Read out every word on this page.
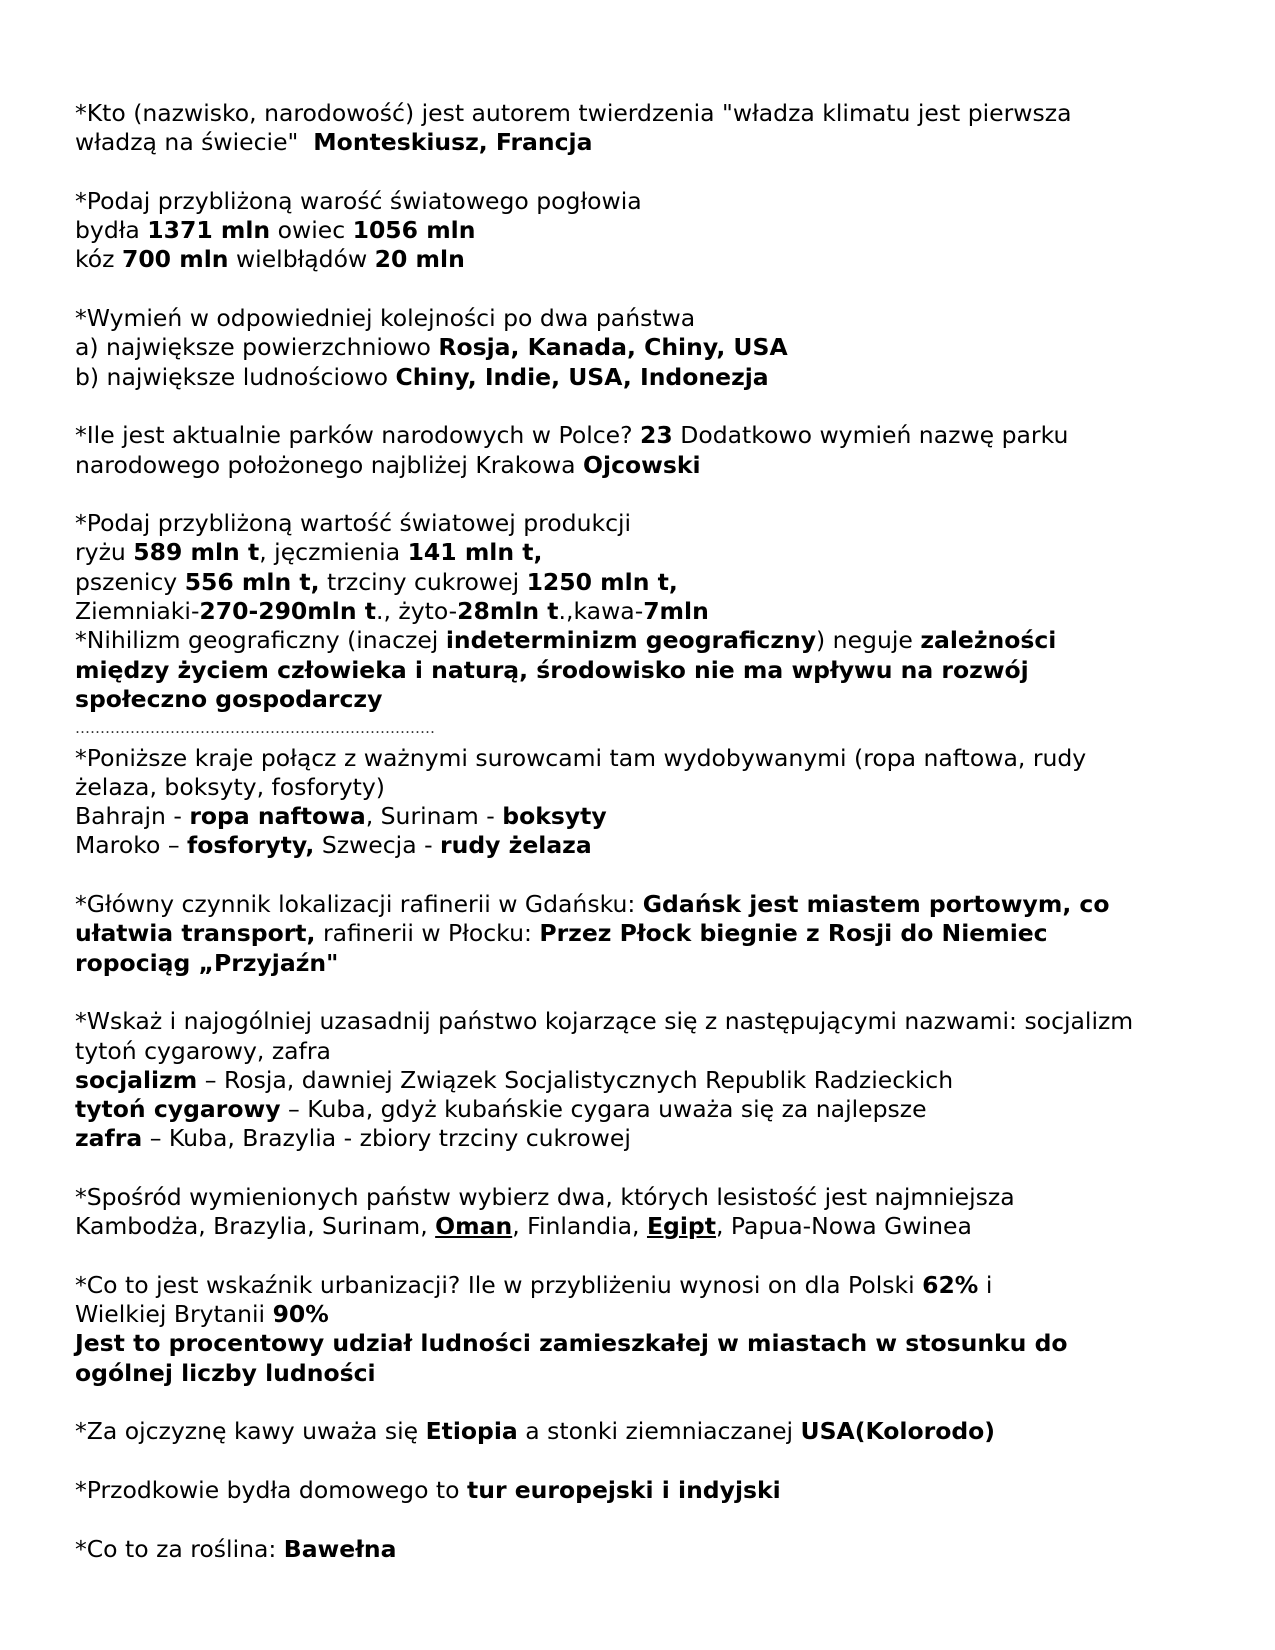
*Kto (nazwisko, narodowość) jest autorem twierdzenia "władza klimatu jest pierwsza
władzą na świecie"  Monteskiusz, Francja
*Podaj przybliżoną warość światowego pogłowia
bydła 1371 mln owiec 1056 mln
kóz 700 mln wielbłądów 20 mln
*Wymień w odpowiedniej kolejności po dwa państwa
a) największe powierzchniowo Rosja, Kanada, Chiny, USA
b) największe ludnościowo Chiny, Indie, USA, Indonezja
*Ile jest aktualnie parków narodowych w Polce? 23 Dodatkowo wymień nazwę parku
narodowego położonego najbliżej Krakowa Ojcowski
*Podaj przybliżoną wartość światowej produkcji
ryżu 589 mln t, jęczmienia 141 mln t,
pszenicy 556 mln t, trzciny cukrowej 1250 mln t,
Ziemniaki-270-290mln t., żyto-28mln t.,kawa-7mln
*Nihilizm geograficzny (inaczej indeterminizm geograficzny) neguje zależności
między życiem człowieka i naturą, środowisko nie ma wpływu na rozwój
społeczno gospodarczy
………………………………………………………………
*Poniższe kraje połącz z ważnymi surowcami tam wydobywanymi (ropa naftowa, rudy
żelaza, boksyty, fosforyty)
Bahrajn - ropa naftowa, Surinam - boksyty
Maroko – fosforyty, Szwecja - rudy żelaza
*Główny czynnik lokalizacji rafinerii w Gdańsku: Gdańsk jest miastem portowym, co
ułatwia transport, rafinerii w Płocku: Przez Płock biegnie z Rosji do Niemiec
ropociąg „Przyjaźn"
*Wskaż i najogólniej uzasadnij państwo kojarzące się z następującymi nazwami: socjalizm
tytoń cygarowy, zafra
socjalizm – Rosja, dawniej Związek Socjalistycznych Republik Radzieckich
tytoń cygarowy – Kuba, gdyż kubańskie cygara uważa się za najlepsze
zafra – Kuba, Brazylia - zbiory trzciny cukrowej
*Spośród wymienionych państw wybierz dwa, których lesistość jest najmniejsza
Kambodża, Brazylia, Surinam, Oman, Finlandia, Egipt, Papua-Nowa Gwinea
*Co to jest wskaźnik urbanizacji? Ile w przybliżeniu wynosi on dla Polski 62% i
Wielkiej Brytanii 90%
Jest to procentowy udział ludności zamieszkałej w miastach w stosunku do
ogólnej liczby ludności
*Za ojczyznę kawy uważa się Etiopia a stonki ziemniaczanej USA(Kolorodo)
*Przodkowie bydła domowego to tur europejski i indyjski
*Co to za roślina: Bawełna
